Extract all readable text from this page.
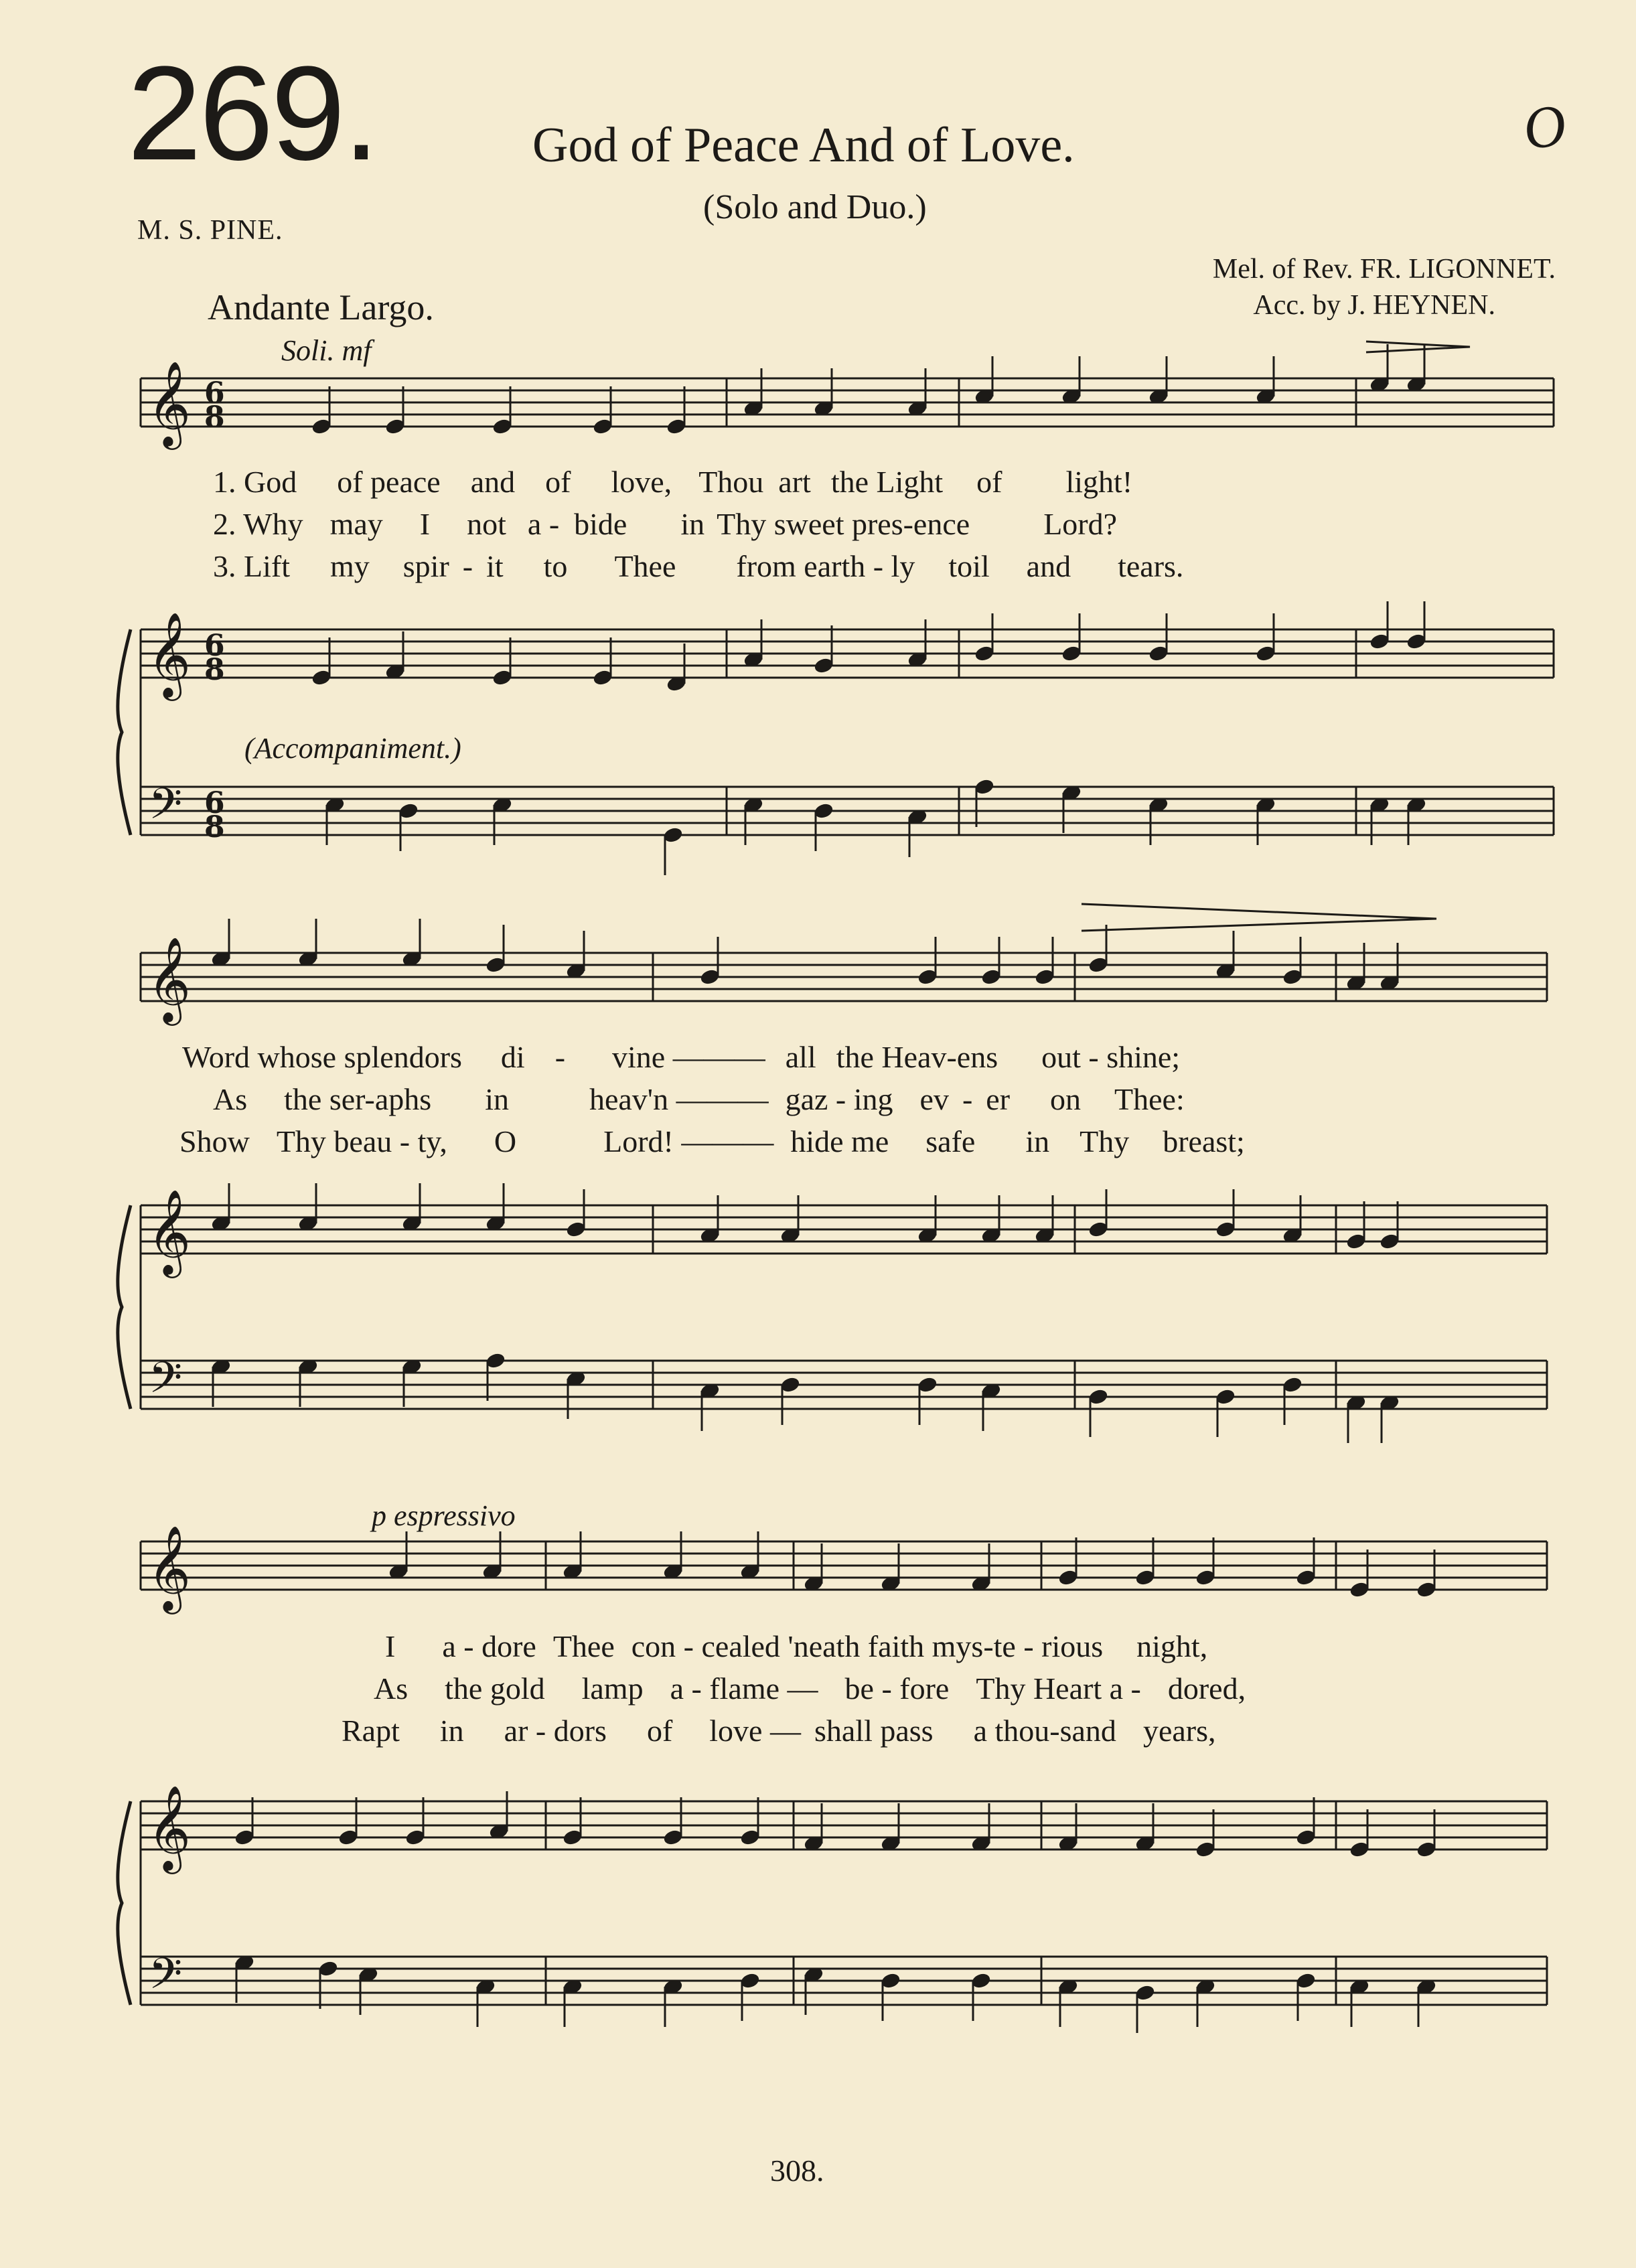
𝄞
𝄞
𝄢
𝄞
𝄞
𝄢
𝄞
𝄞
𝄢
6
8
6
8
6
8
269.	God of Peace And of Love.
(Solo and Duo.)
M. S. PINE.
Mel. of Rev. FR. LIGONNET.
Acc. by J. HEYNEN.
Andante Largo.
O
Soli. mf
(Accompaniment.)
p espressivo
1. God of peace and of love, Thou art the Light of light!
2. Why may I not a - bide in Thy sweet pres-ence Lord?
3. Lift my spir - it to Thee from earth - ly toil and tears.
Word whose splendors di - vine ——— all the Heav-ens out - shine;
As the ser-aphs in	heav'n ——— gaz - ing ev - er on Thee:
Show Thy beau - ty, O	Lord! ——— hide me safe in Thy breast;
I a - dore Thee con - cealed 'neath faith mys-te - rious night,
As the gold lamp a - flame — be - fore Thy Heart a - dored,
Rapt in ar - dors of love — shall pass a thou-sand years,
308.
